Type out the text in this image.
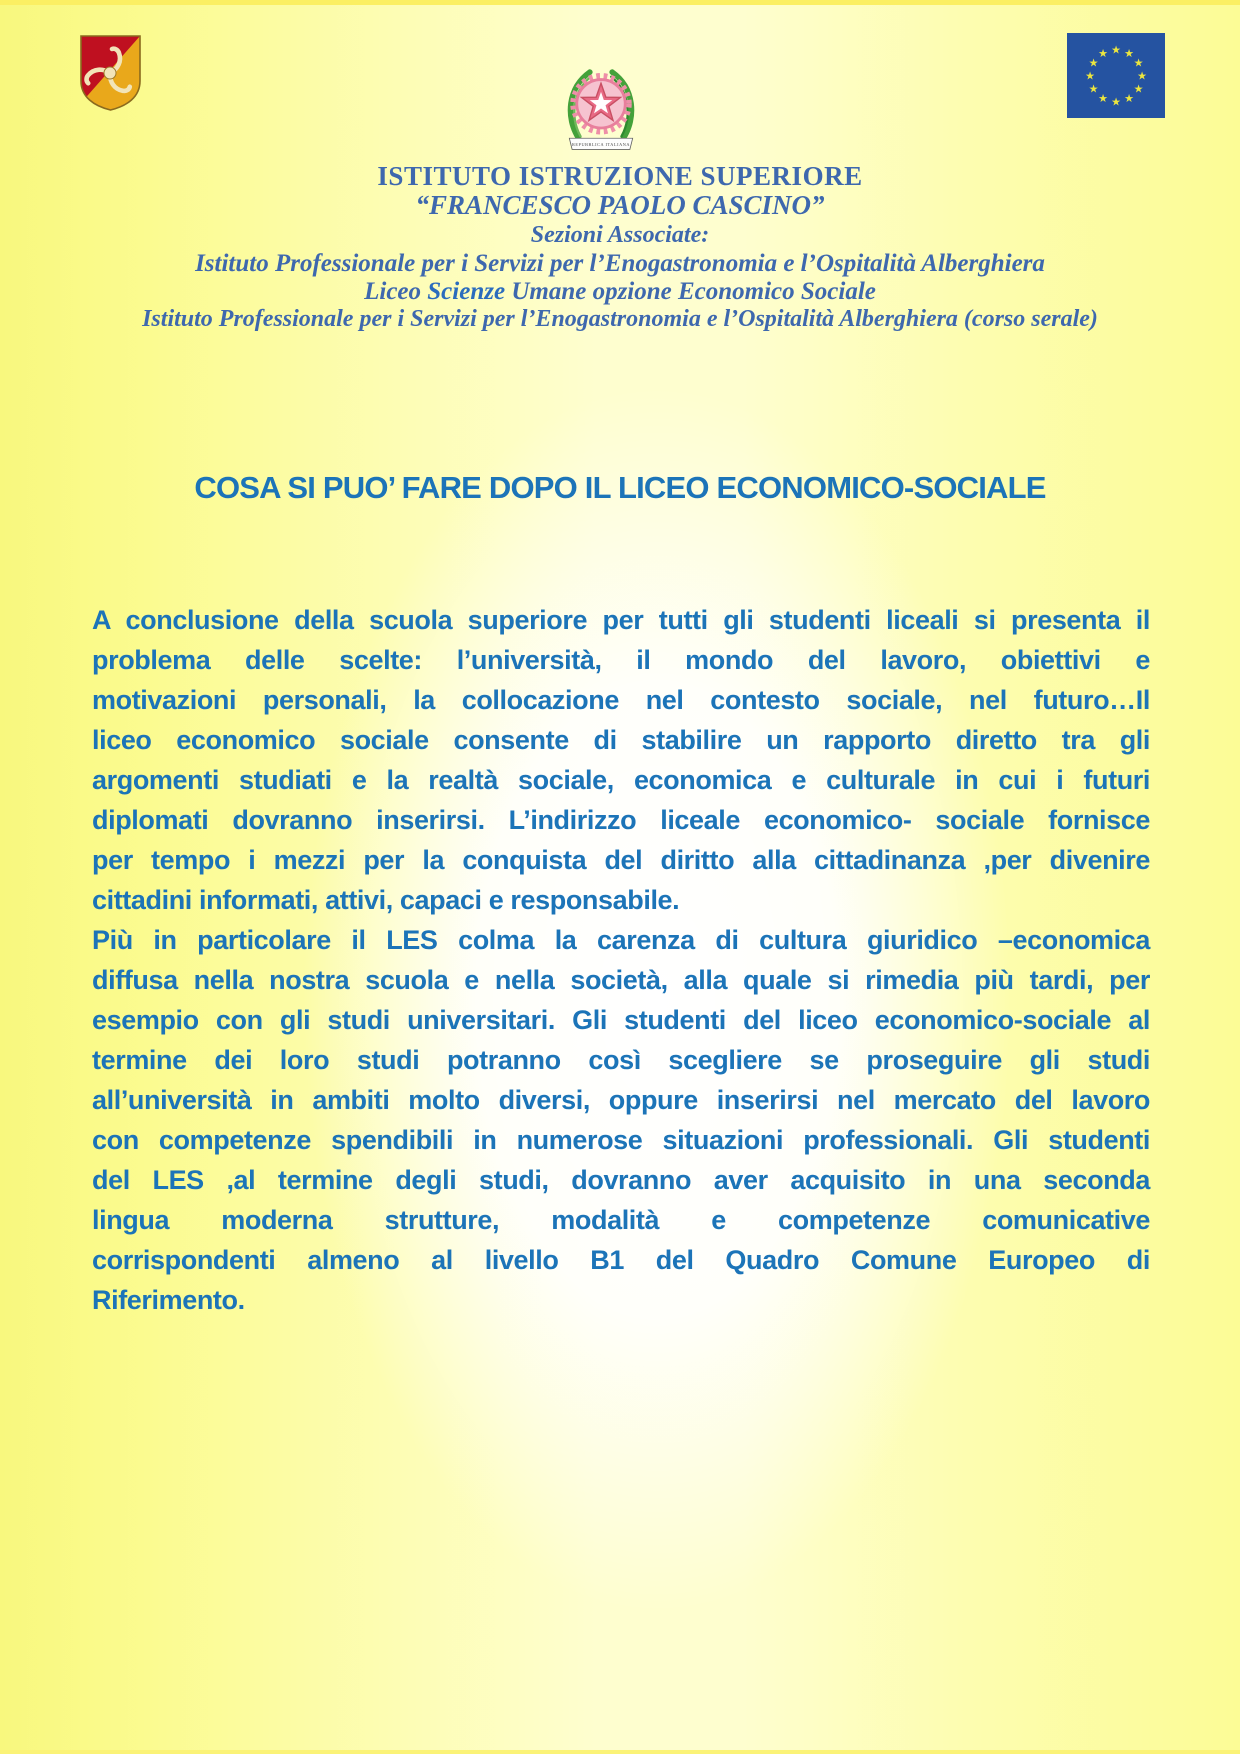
REPUBBLICA ITALIANA
★ ★
★
★
★
★
★
★
★
★
★
★
ISTITUTO ISTRUZIONE SUPERIORE
“FRANCESCO PAOLO CASCINO”
Sezioni Associate:
Istituto Professionale per i Servizi per l’Enogastronomia e l’Ospitalità Alberghiera
Liceo Scienze Umane opzione Economico Sociale
Istituto Professionale per i Servizi per l’Enogastronomia e l’Ospitalità Alberghiera (corso serale)
COSA SI PUO’ FARE DOPO IL LICEO ECONOMICO-SOCIALE
A conclusione della scuola superiore per tutti gli studenti liceali si presenta il
problema delle scelte: l’università, il mondo del lavoro, obiettivi e
motivazioni personali, la collocazione nel contesto sociale, nel futuro…Il
liceo economico sociale consente di stabilire un rapporto diretto tra gli
argomenti studiati e la realtà sociale, economica e culturale in cui i futuri
diplomati dovranno inserirsi. L’indirizzo liceale economico- sociale fornisce
per tempo i mezzi per la conquista del diritto alla cittadinanza ,per divenire
cittadini informati, attivi, capaci e responsabile.
Più in particolare il LES colma la carenza di cultura giuridico –economica
diffusa nella nostra scuola e nella società, alla quale si rimedia più tardi, per
esempio con gli studi universitari. Gli studenti del liceo economico-sociale al
termine dei loro studi potranno così scegliere se proseguire gli studi
all’università in ambiti molto diversi, oppure inserirsi nel mercato del lavoro
con competenze spendibili in numerose situazioni professionali. Gli studenti
del LES ,al termine degli studi, dovranno aver acquisito in una seconda
lingua moderna strutture, modalità e competenze comunicative
corrispondenti almeno al livello B1 del Quadro Comune Europeo di
Riferimento.
